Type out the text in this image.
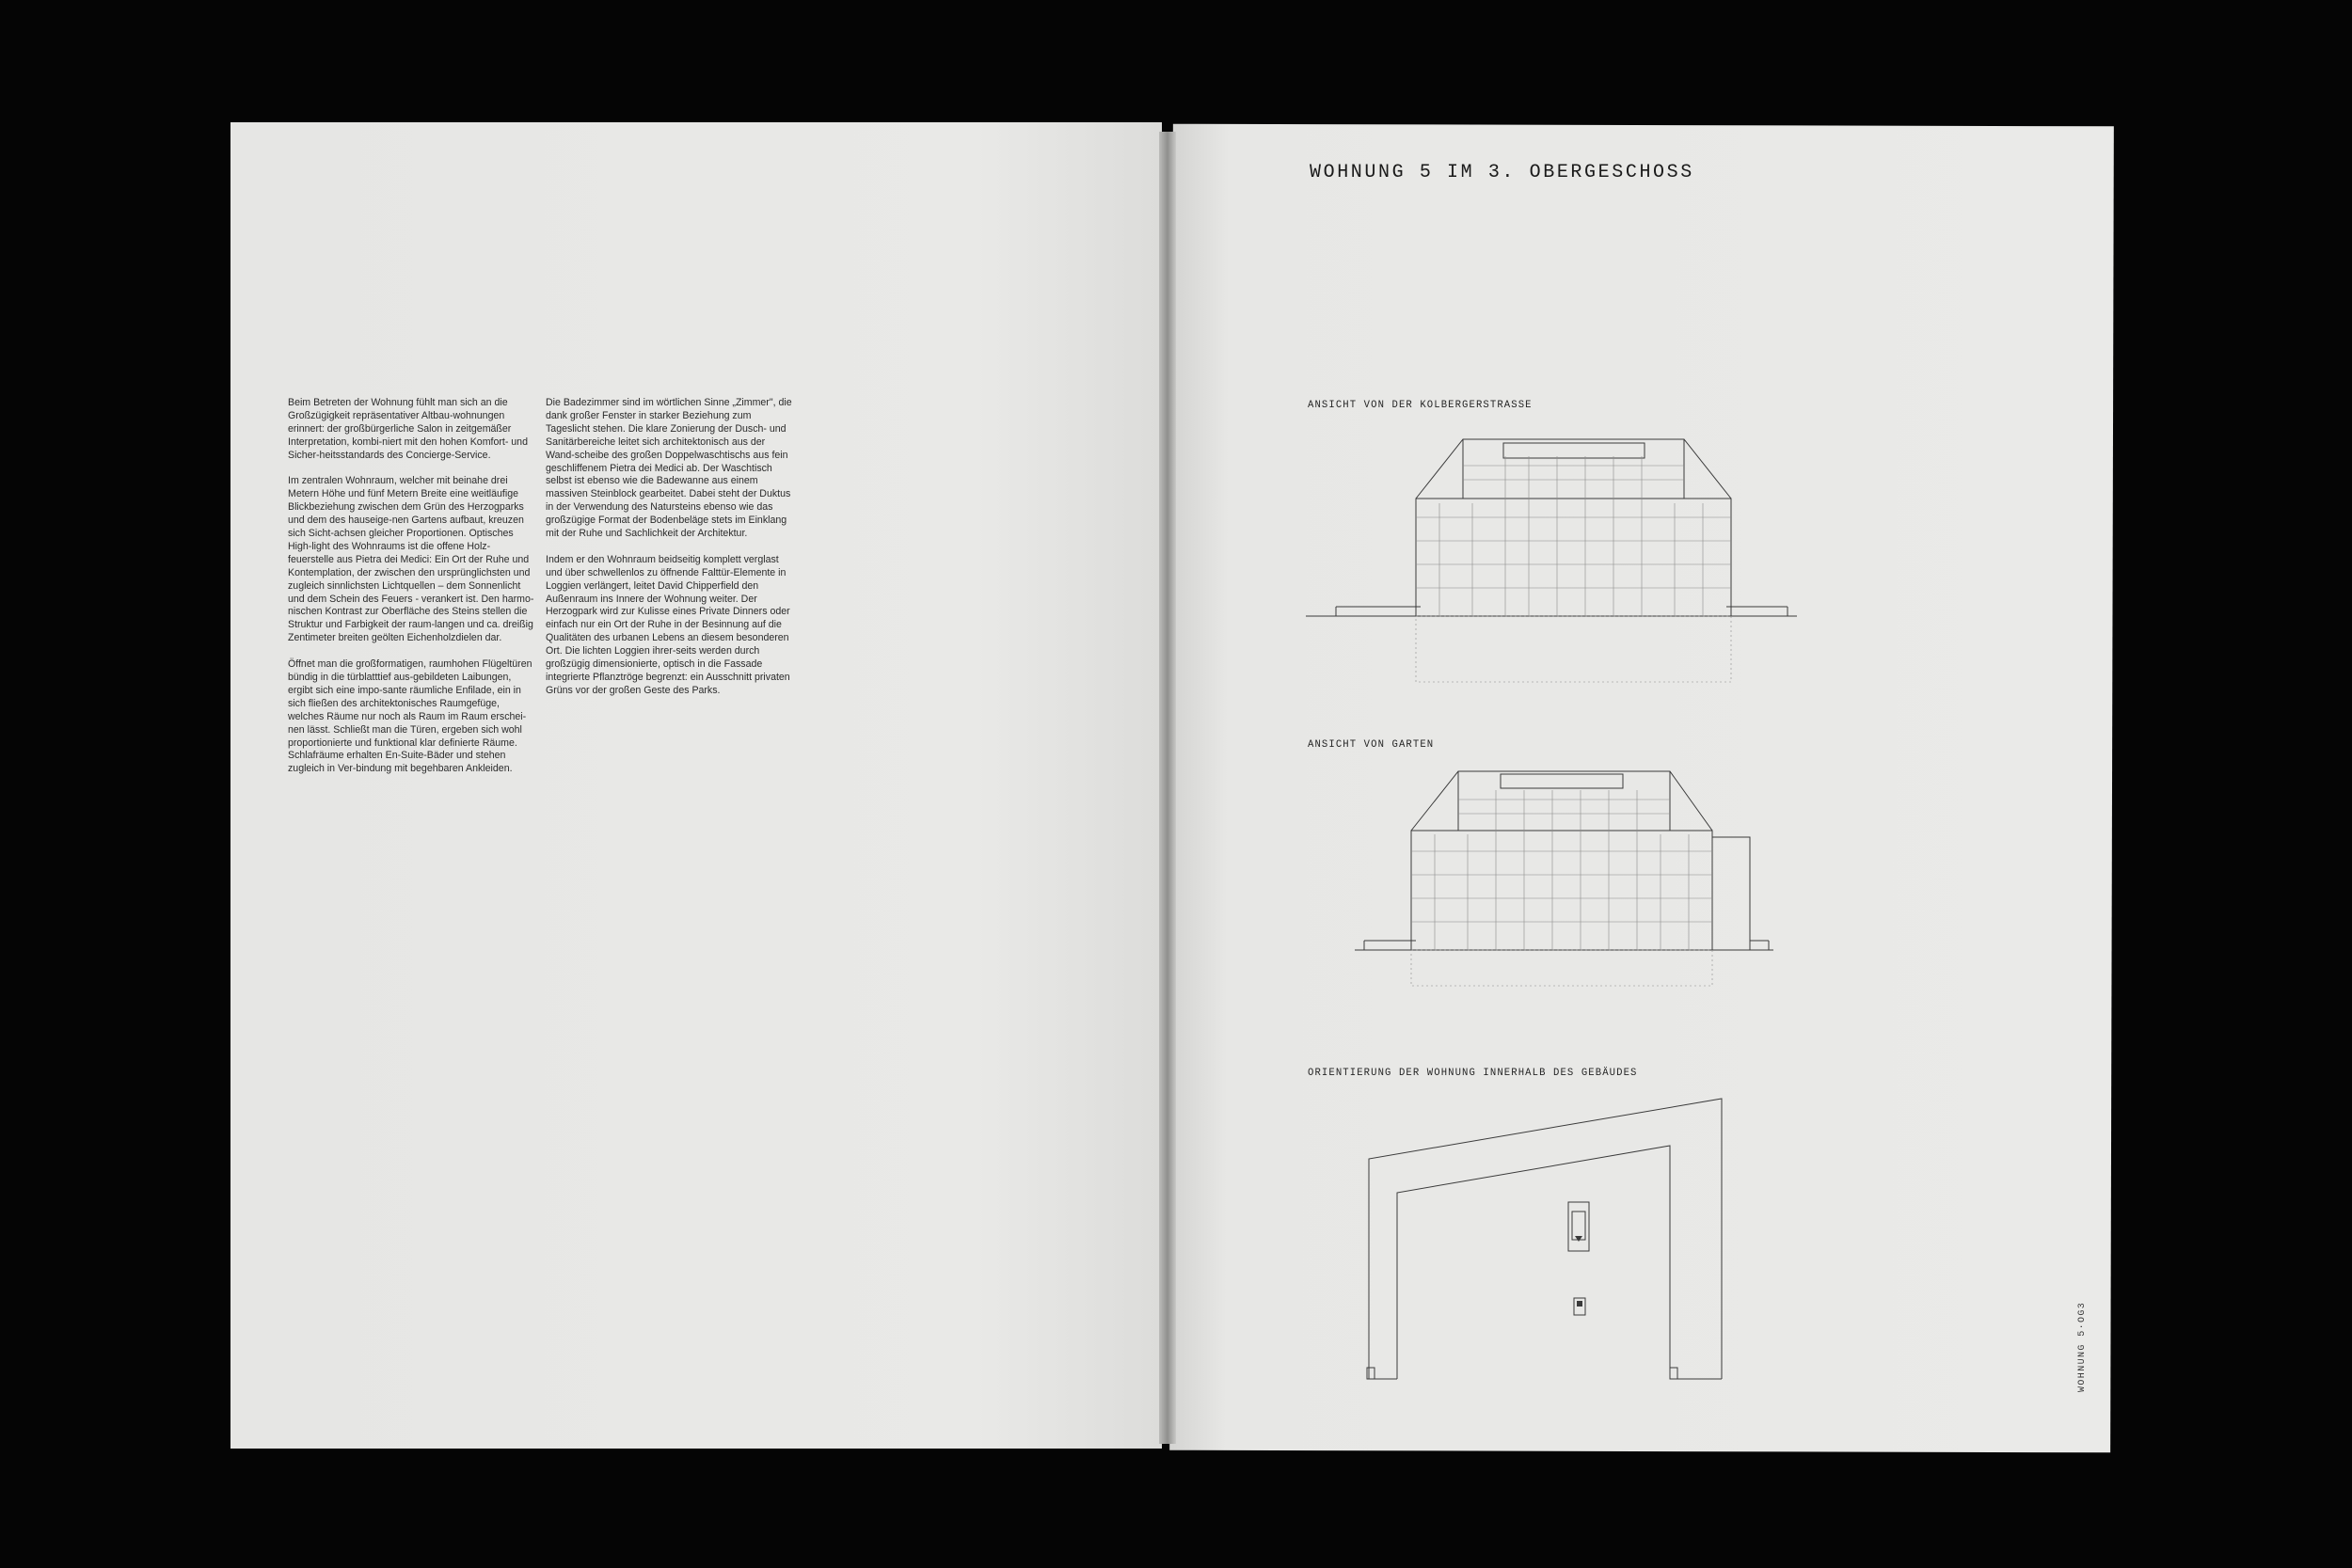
Beim Betreten der Wohnung fühlt man sich an die Großzügigkeit repräsentativer Altbau-wohnungen erinnert: der großbürgerliche Salon in zeitgemäßer Interpretation, kombi-niert mit den hohen Komfort- und Sicher-heitsstandards des Concierge-Service.

Im zentralen Wohnraum, welcher mit beinahe drei Metern Höhe und fünf Metern Breite eine weitläufige Blickbeziehung zwischen dem Grün des Herzogparks und dem des hauseige-nen Gartens aufbaut, kreuzen sich Sicht-achsen gleicher Proportionen. Optisches High-light des Wohnraums ist die offene Holz-feuerstelle aus Pietra dei Medici: Ein Ort der Ruhe und Kontemplation, der zwischen den ursprünglichsten und zugleich sinnlichsten Lichtquellen – dem Sonnenlicht und dem Schein des Feuers - verankert ist. Den harmo-nischen Kontrast zur Oberfläche des Steins stellen die Struktur und Farbigkeit der raum-langen und ca. dreißig Zentimeter breiten geölten Eichenholzdielen dar.

Öffnet man die großformatigen, raumhohen Flügeltüren bündig in die türblatttief aus-gebildeten Laibungen, ergibt sich eine impo-sante räumliche Enfilade, ein in sich fließen des architektonisches Raumgefüge, welches Räume nur noch als Raum im Raum erschei-nen lässt. Schließt man die Türen, ergeben sich wohl proportionierte und funktional klar definierte Räume. Schlafräume erhalten En-Suite-Bäder und stehen zugleich in Ver-bindung mit begehbaren Ankleiden.

Die Badezimmer sind im wörtlichen Sinne „Zimmer", die dank großer Fenster in starker Beziehung zum Tageslicht stehen. Die klare Zonierung der Dusch- und Sanitärbereiche leitet sich architektonisch aus der Wand-scheibe des großen Doppelwaschtischs aus fein geschliffenem Pietra dei Medici ab. Der Waschtisch selbst ist ebenso wie die Badewanne aus einem massiven Steinblock gearbeitet. Dabei steht der Duktus in der Verwendung des Natursteins ebenso wie das großzügige Format der Bodenbeläge stets im Einklang mit der Ruhe und Sachlichkeit der Architektur.

Indem er den Wohnraum beidseitig komplett verglast und über schwellenlos zu öffnende Falttür-Elemente in Loggien verlängert, leitet David Chipperfield den Außenraum ins Innere der Wohnung weiter. Der Herzogpark wird zur Kulisse eines Private Dinners oder einfach nur ein Ort der Ruhe in der Besinnung auf die Qualitäten des urbanen Lebens an diesem besonderen Ort. Die lichten Loggien ihrer-seits werden durch großzügig dimensionierte, optisch in die Fassade integrierte Pflanztröge begrenzt: ein Ausschnitt privaten Grüns vor der großen Geste des Parks.

WOHNUNG 5 IM 3. OBERGESCHOSS
ANSICHT VON DER KOLBERGERSTRASSE
ANSICHT VON GARTEN
ORIENTIERUNG DER WOHNUNG INNERHALB DES GEBÄUDES
WOHNUNG 5·OG3
